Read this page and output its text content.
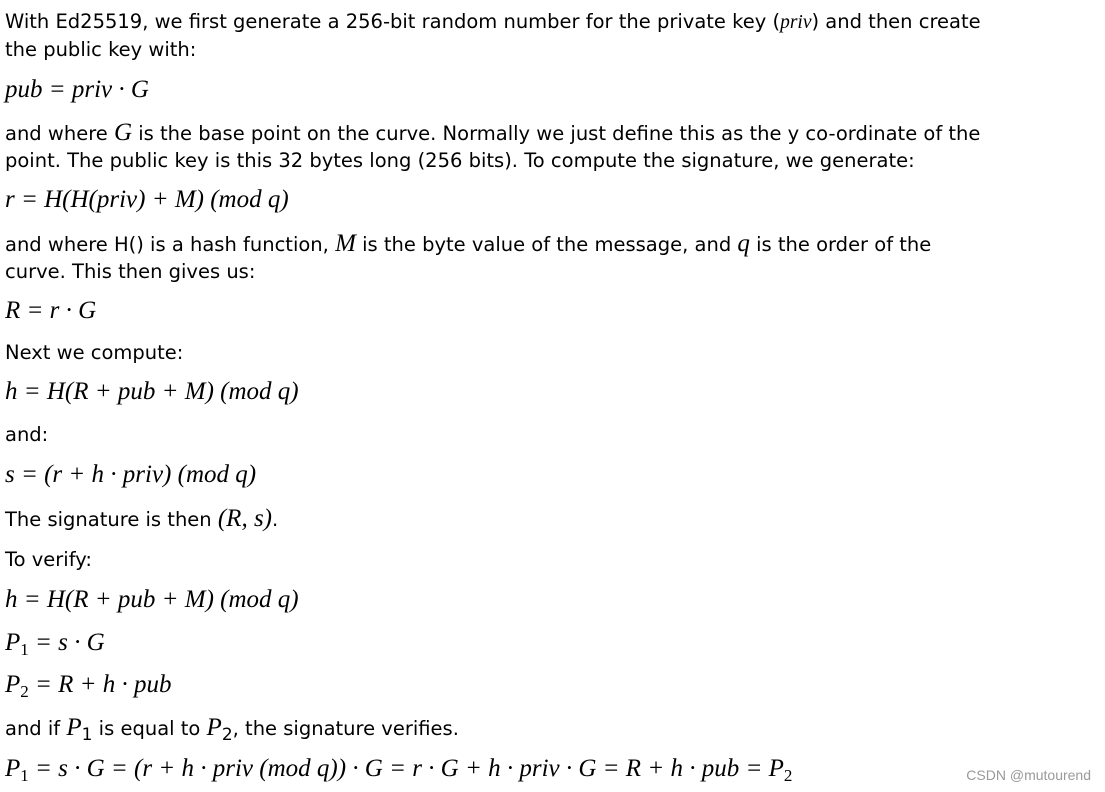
With Ed25519, we first generate a 256-bit random number for the private key (priv) and then create
the public key with:
pub = priv · G
and where G is the base point on the curve. Normally we just define this as the y co-ordinate of the
point. The public key is this 32 bytes long (256 bits). To compute the signature, we generate:
r = H(H(priv) + M) (mod q)
and where H() is a hash function, M is the byte value of the message, and q is the order of the
curve. This then gives us:
R = r · G
Next we compute:
h = H(R + pub + M) (mod q)
and:
s = (r + h · priv) (mod q)
The signature is then (R, s).
To verify:
h = H(R + pub + M) (mod q)
$P_1 = s \cdot G$
$P_2 = R + h$ · pub
and if P1 is equal to P2, the signature verifies.
$P_1 = s \cdot G = (r + h$ · priv (mod q)) · G = r · G + h · priv · G = R + h · pub = $P_2$	CSDN @mutourend
